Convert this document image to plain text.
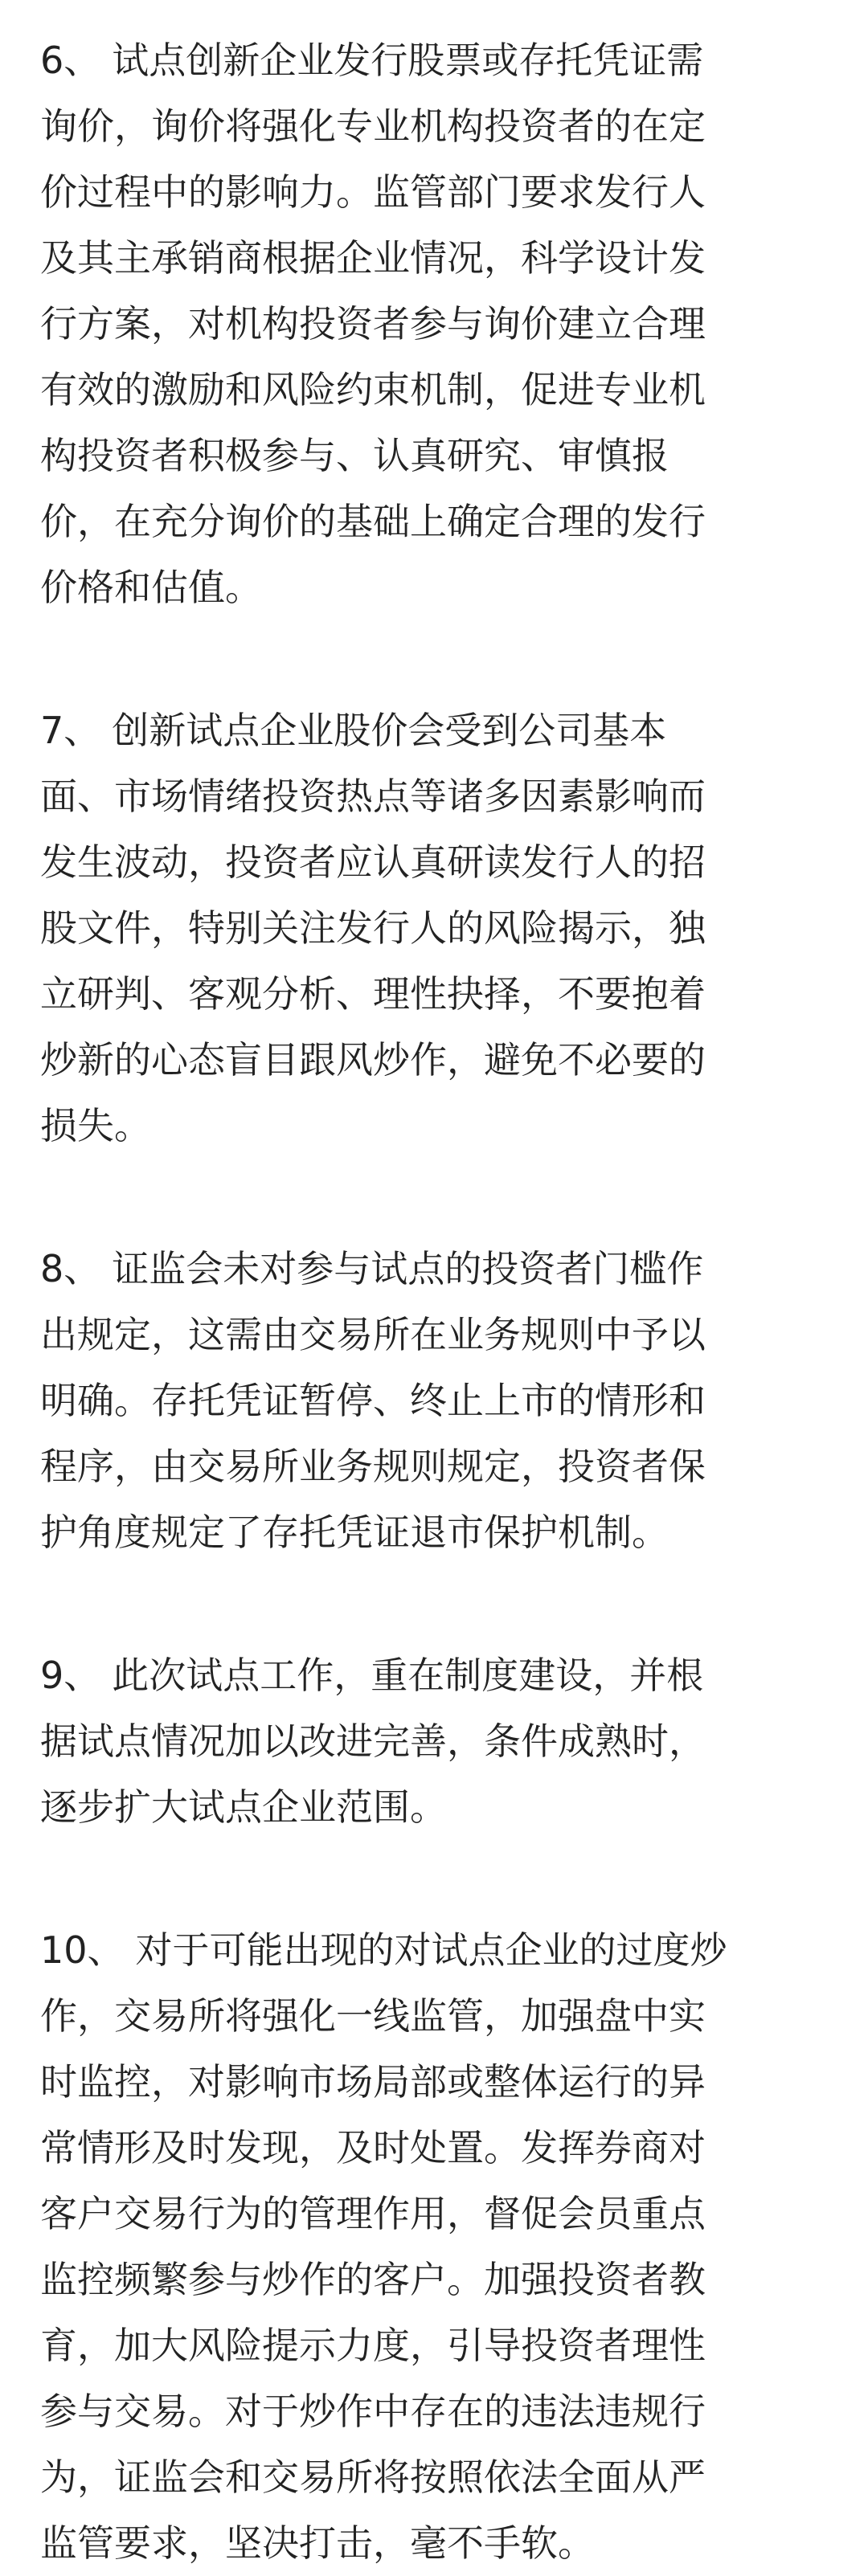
6、 试点创新企业发行股票或存托凭证需
询价，询价将强化专业机构投资者的在定
价过程中的影响力。监管部门要求发行人
及其主承销商根据企业情况，科学设计发
行方案，对机构投资者参与询价建立合理
有效的激励和风险约束机制，促进专业机
构投资者积极参与、认真研究、审慎报
价，在充分询价的基础上确定合理的发行
价格和估值。
7、 创新试点企业股价会受到公司基本
面、市场情绪投资热点等诸多因素影响而
发生波动，投资者应认真研读发行人的招
股文件，特别关注发行人的风险揭示，独
立研判、客观分析、理性抉择，不要抱着
炒新的心态盲目跟风炒作，避免不必要的
损失。
8、 证监会未对参与试点的投资者门槛作
出规定，这需由交易所在业务规则中予以
明确。存托凭证暂停、终止上市的情形和
程序，由交易所业务规则规定，投资者保
护角度规定了存托凭证退市保护机制。
9、 此次试点工作，重在制度建设，并根
据试点情况加以改进完善，条件成熟时，
逐步扩大试点企业范围。
10、 对于可能出现的对试点企业的过度炒
作，交易所将强化一线监管，加强盘中实
时监控，对影响市场局部或整体运行的异
常情形及时发现，及时处置。发挥券商对
客户交易行为的管理作用，督促会员重点
监控频繁参与炒作的客户。加强投资者教
育，加大风险提示力度，引导投资者理性
参与交易。对于炒作中存在的违法违规行
为，证监会和交易所将按照依法全面从严
监管要求，坚决打击，毫不手软。
